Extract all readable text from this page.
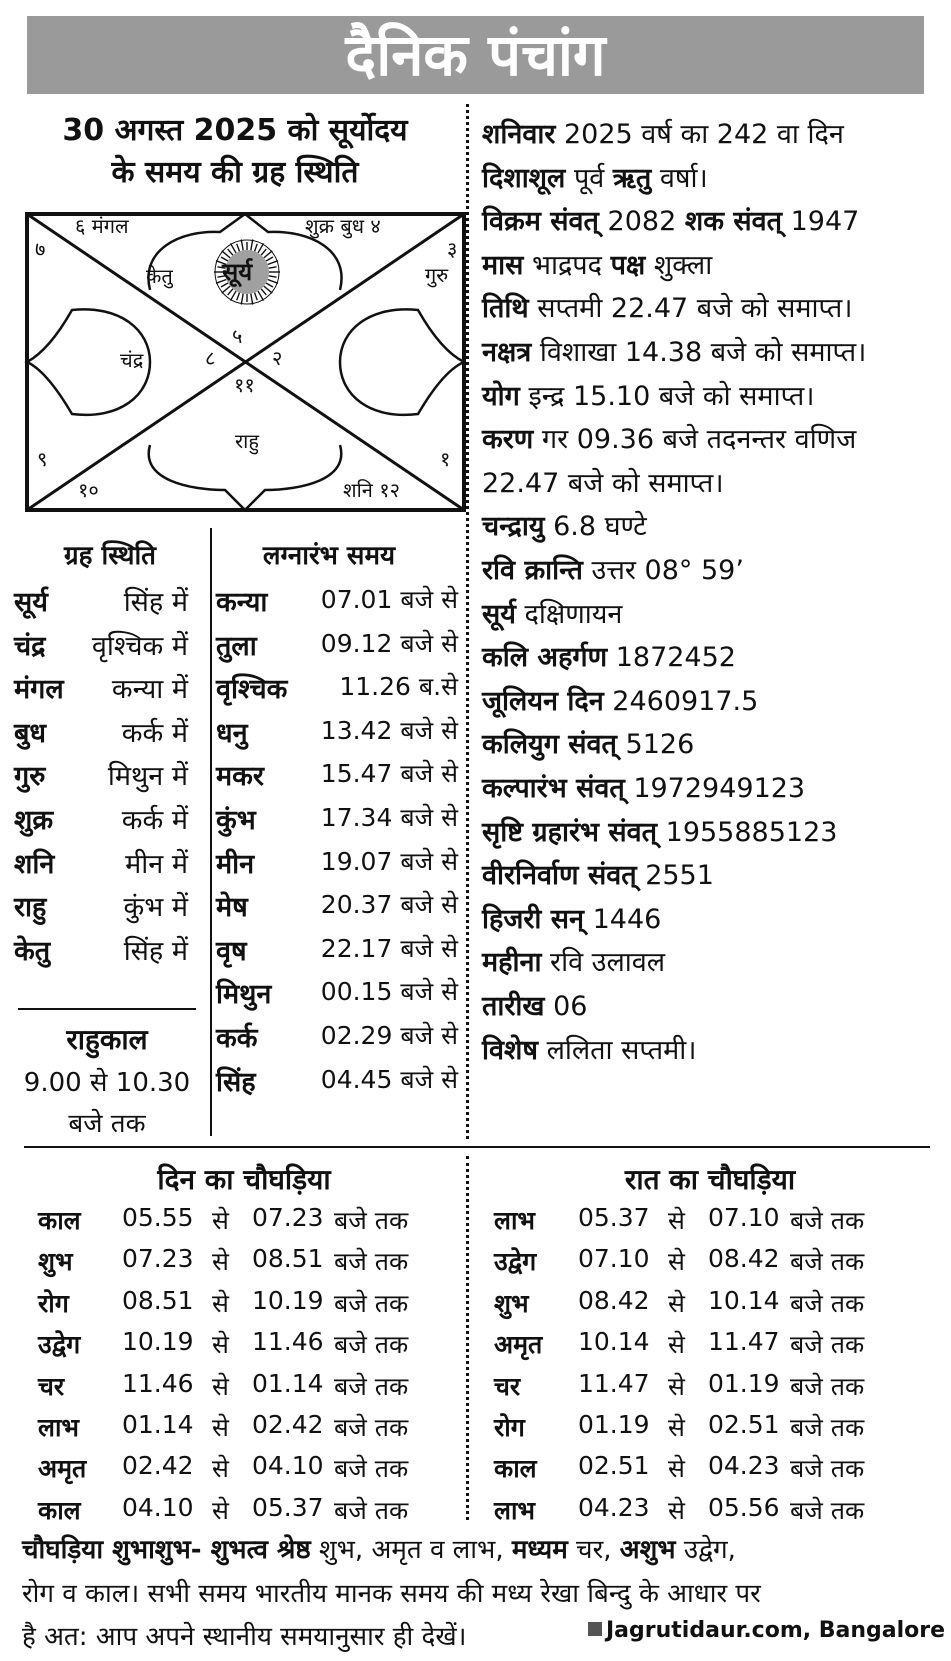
दैनिक पंचांग
30 अगस्त 2025 को सूर्योदय
के समय की ग्रह स्थिति
६ मंगल	शुक्र बुध ४
७	३
गुरु
केतु सूर्य
५
चंद्र	८	२
११
राहु
९	१
१०	शनि १२
ग्रह स्थिति
सूर्य	सिंह में
चंद्र	वृश्चिक में
मंगल	कन्या में
बुध	कर्क में
गुरु	मिथुन में
शुक्र	कर्क में
शनि	मीन में
राहु	कुंभ में
केतु	सिंह में
राहुकाल
9.00 से 10.30
बजे तक
लग्नारंभ समय
कन्या	07.01 बजे से
तुला	09.12 बजे से
वृश्चिक	11.26 ब.से
धनु	13.42 बजे से
मकर	15.47 बजे से
कुंभ	17.34 बजे से
मीन	19.07 बजे से
मेष	20.37 बजे से
वृष	22.17 बजे से
मिथुन	00.15 बजे से
कर्क	02.29 बजे से
सिंह	04.45 बजे से
शनिवार 2025 वर्ष का 242 वा दिन
दिशाशूल पूर्व ऋतु वर्षा।
विक्रम संवत् 2082 शक संवत् 1947
मास भाद्रपद पक्ष शुक्ला
तिथि सप्तमी 22.47 बजे को समाप्त।
नक्षत्र विशाखा 14.38 बजे को समाप्त।
योग इन्द्र 15.10 बजे को समाप्त।
करण गर 09.36 बजे तदनन्तर वणिज
22.47 बजे को समाप्त।
चन्द्रायु 6.8 घण्टे
रवि क्रान्ति उत्तर 08° 59’
सूर्य दक्षिणायन
कलि अहर्गण 1872452
जूलियन दिन 2460917.5
कलियुग संवत् 5126
कल्पारंभ संवत् 1972949123
सृष्टि ग्रहारंभ संवत् 1955885123
वीरनिर्वाण संवत् 2551
हिजरी सन् 1446
महीना रवि उलावल
तारीख 06
विशेष ललिता सप्तमी।
दिन का चौघड़िया	रात का चौघड़िया
काल 05.55 से 07.23 बजे तक
शुभ 07.23 से 08.51 बजे तक
रोग 08.51 से 10.19 बजे तक
उद्वेग 10.19 से 11.46 बजे तक
चर 11.46 से 01.14 बजे तक
लाभ 01.14 से 02.42 बजे तक
अमृत 02.42 से 04.10 बजे तक
काल 04.10 से 05.37 बजे तक
लाभ 05.37 से 07.10 बजे तक
उद्वेग 07.10 से 08.42 बजे तक
शुभ 08.42 से 10.14 बजे तक
अमृत 10.14 से 11.47 बजे तक
चर 11.47 से 01.19 बजे तक
रोग 01.19 से 02.51 बजे तक
काल 02.51 से 04.23 बजे तक
लाभ 04.23 से 05.56 बजे तक
चौघड़िया शुभाशुभ- शुभत्व श्रेष्ठ शुभ, अमृत व लाभ, मध्यम चर, अशुभ उद्वेग,
रोग व काल। सभी समय भारतीय मानक समय की मध्य रेखा बिन्दु के आधार पर
है अत: आप अपने स्थानीय समयानुसार ही देखें।	Jagrutidaur.com, Bangalore
